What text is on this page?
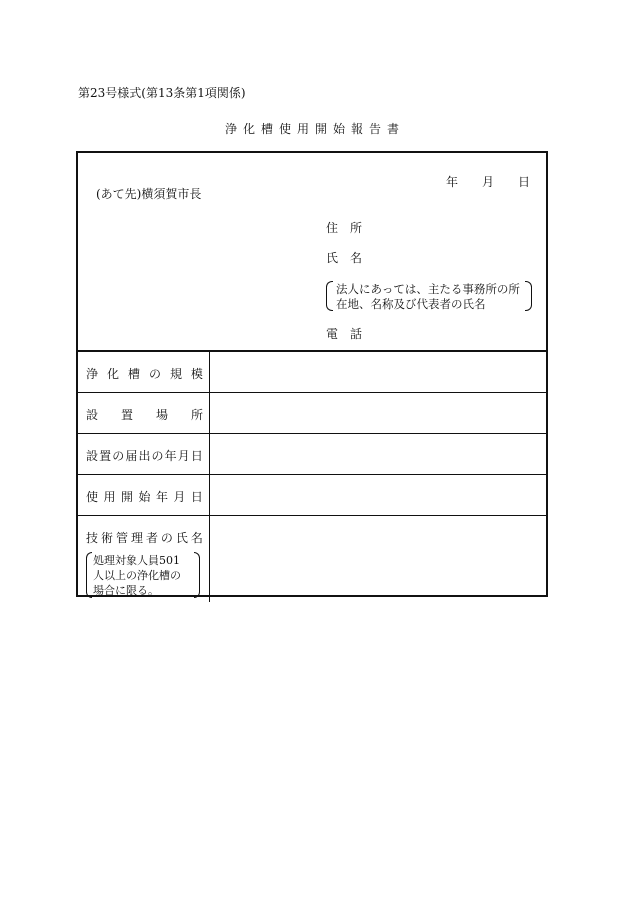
第23号様式(第13条第1項関係)
浄化槽使用開始報告書
年 月 日
(あて先)横須賀市長
住　所
氏　名
法人にあっては、主たる事務所の所
在地、名称及び代表者の氏名
電　話
浄 化 槽 の 規 模
設 置 場 所
設 置 の 届 出 の 年 月 日
使 用 開 始 年 月 日
技 術 管 理 者 の 氏 名
処理対象人員501
人以上の浄化槽の
場合に限る。
